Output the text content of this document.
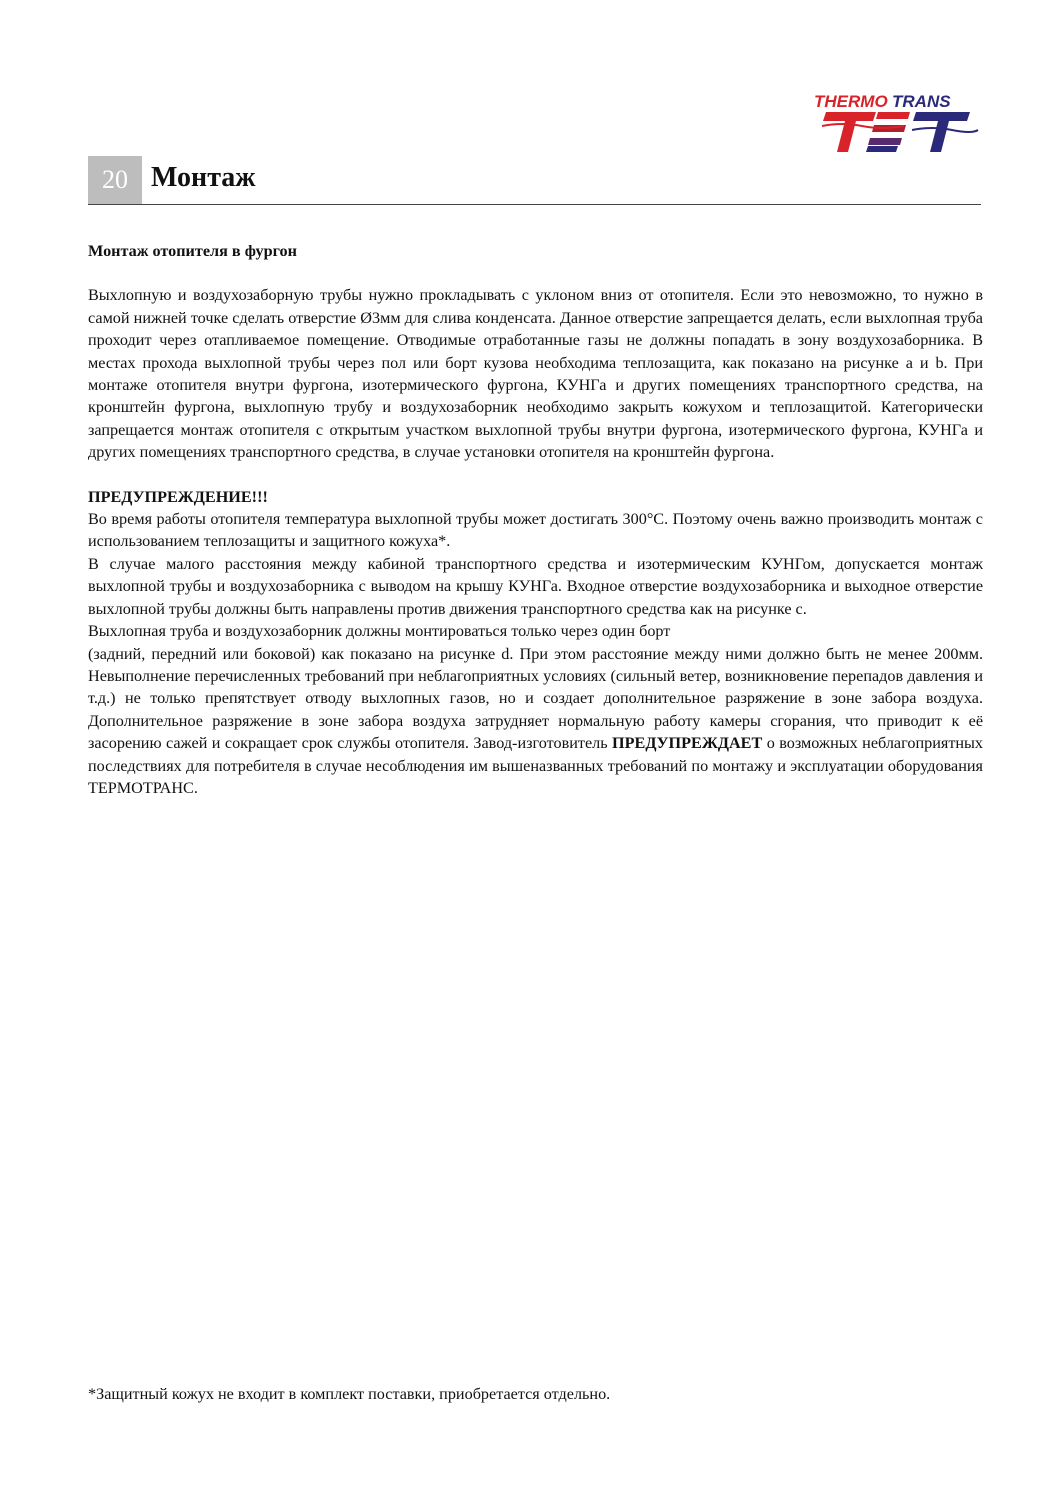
THERMO TRANS
20 Монтаж

Монтаж отопителя в фургон

Выхлопную и воздухозаборную трубы нужно прокладывать с уклоном вниз от отопителя. Если это невозможно, то нужно в самой нижней точке сделать отверстие Ø3мм для слива конденсата. Данное отверстие запрещается делать, если выхлопная труба проходит через отапливаемое помещение. Отводимые отработанные газы не должны попадать в зону воздухозаборника. В местах прохода выхлопной трубы через пол или борт кузова необходима теплозащита, как показано на рисунке a и b. При монтаже отопителя внутри фургона, изотермического фургона, КУНГа и других помещениях транспортного средства, на кронштейн фургона, выхлопную трубу и воздухозаборник необходимо закрыть кожухом и теплозащитой. Категорически запрещается монтаж отопителя с открытым участком выхлопной трубы внутри фургона, изотермического фургона, КУНГа и других помещениях транспортного средства, в случае установки отопителя на кронштейн фургона.

ПРЕДУПРЕЖДЕНИЕ!!!

Во время работы отопителя температура выхлопной трубы может достигать 300°С. Поэтому очень важно производить монтаж с использованием теплозащиты и защитного кожуха*.

В случае малого расстояния между кабиной транспортного средства и изотермическим КУНГом, допускается монтаж выхлопной трубы и воздухозаборника с выводом на крышу КУНГа. Входное отверстие воздухозаборника и выходное отверстие выхлопной трубы должны быть направлены против движения транспортного средства как на рисунке c.

Выхлопная труба и воздухозаборник должны монтироваться только через один борт

(задний, передний или боковой) как показано на рисунке d. При этом расстояние между ними должно быть не менее 200мм. Невыполнение перечисленных требований при неблагоприятных условиях (сильный ветер, возникновение перепадов давления и т.д.) не только препятствует отводу выхлопных газов, но и создает дополнительное разряжение в зоне забора воздуха. Дополнительное разряжение в зоне забора воздуха затрудняет нормальную работу камеры сгорания, что приводит к её засорению сажей и сокращает срок службы отопителя. Завод-изготовитель ПРЕДУПРЕЖДАЕТ о возможных неблагоприятных последствиях для потребителя в случае несоблюдения им вышеназванных требований по монтажу и эксплуатации оборудования ТЕРМОТРАНС.

*Защитный кожух не входит в комплект поставки, приобретается отдельно.
